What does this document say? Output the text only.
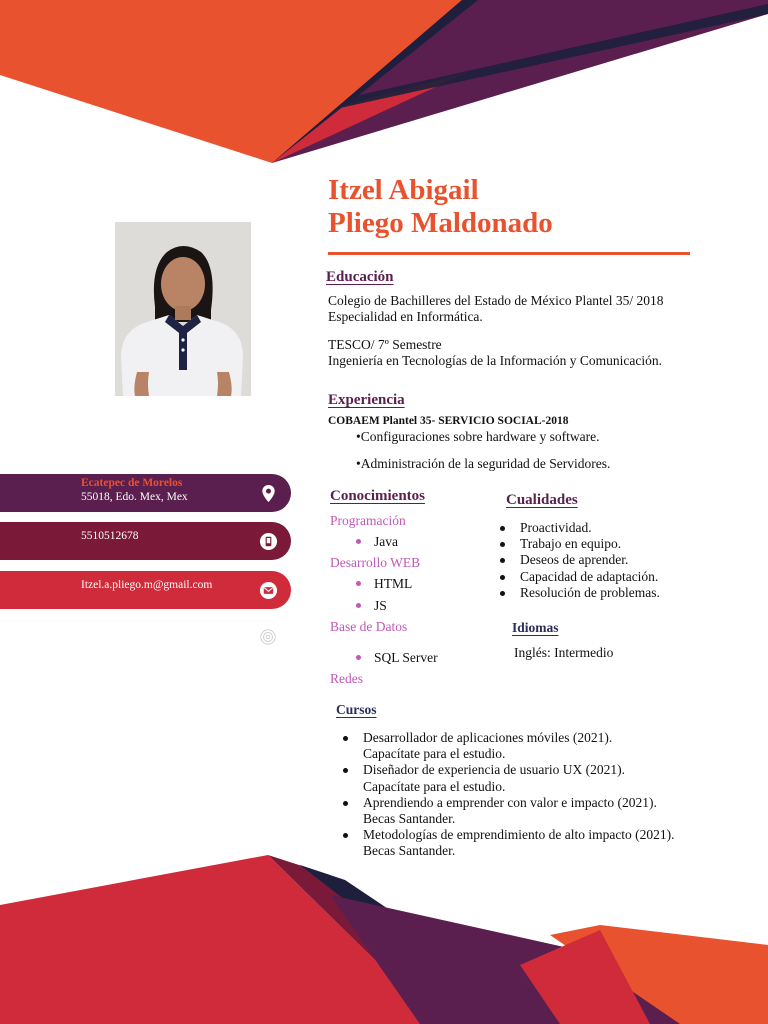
Itzel Abigail
Pliego Maldonado
Educación
Colegio de Bachilleres del Estado de México Plantel 35/ 2018
Especialidad en Informática.
TESCO/ 7º Semestre
Ingeniería en Tecnologías de la Información y Comunicación.
Experiencia
COBAEM Plantel 35- SERVICIO SOCIAL-2018
•Configuraciones sobre hardware y software.
•Administración de la seguridad de Servidores.
Ecatepec de Morelos
55018, Edo. Mex, Mex
5510512678
Itzel.a.pliego.m@gmail.com
Conocimientos
Programación
Java
Desarrollo WEB
HTML
JS
Base de Datos
SQL Server
Redes
Cualidades
Proactividad.
Trabajo en equipo.
Deseos de aprender.
Capacidad de adaptación.
Resolución de problemas.
Idiomas
Inglés: Intermedio
Cursos
Desarrollador de aplicaciones móviles (2021).
Capacítate para el estudio.
Diseñador de experiencia de usuario UX (2021).
Capacítate para el estudio.
Aprendiendo a emprender con valor e impacto (2021).
Becas Santander.
Metodologías de emprendimiento de alto impacto (2021).
Becas Santander.
